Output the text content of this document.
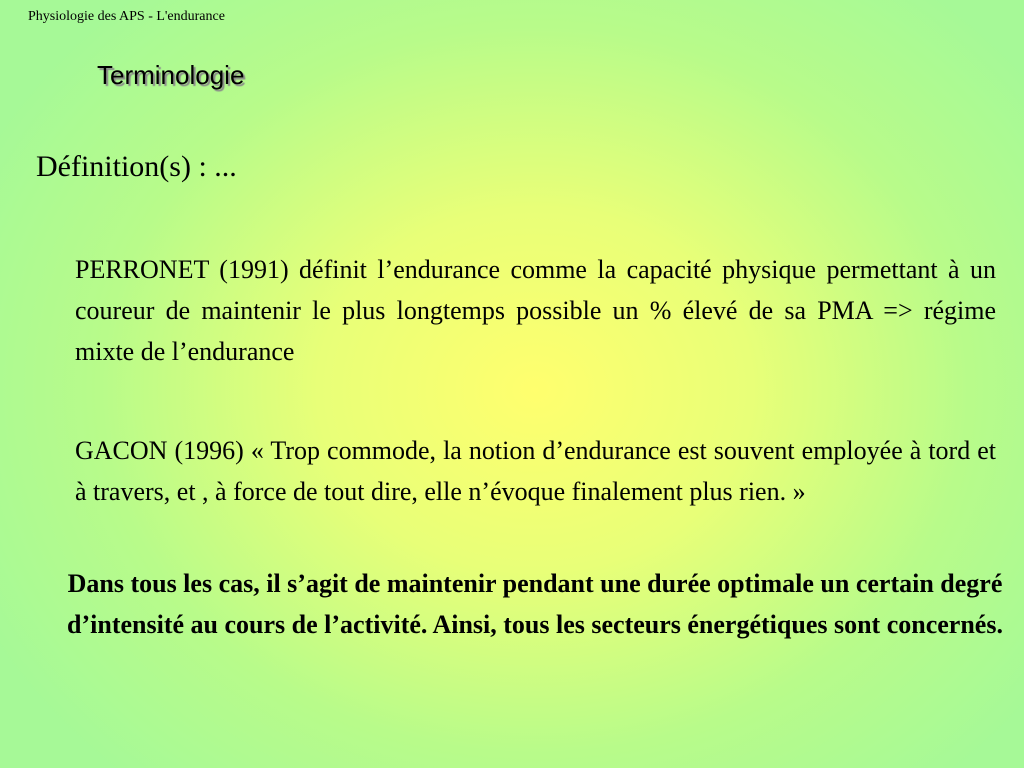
Physiologie des APS - L'endurance
Terminologie
Définition(s) : ...
PERRONET (1991) définit l’endurance comme la capacité physique permettant à un coureur de maintenir le plus longtemps possible un % élevé de sa PMA => régime mixte de l’endurance
GACON (1996) « Trop commode, la notion d’endurance est souvent employée à tord et à travers, et , à force de tout dire, elle n’évoque finalement plus rien. »
Dans tous les cas, il s’agit de maintenir pendant une durée optimale un certain degré d’intensité au cours de l’activité. Ainsi, tous les secteurs énergétiques sont concernés.
